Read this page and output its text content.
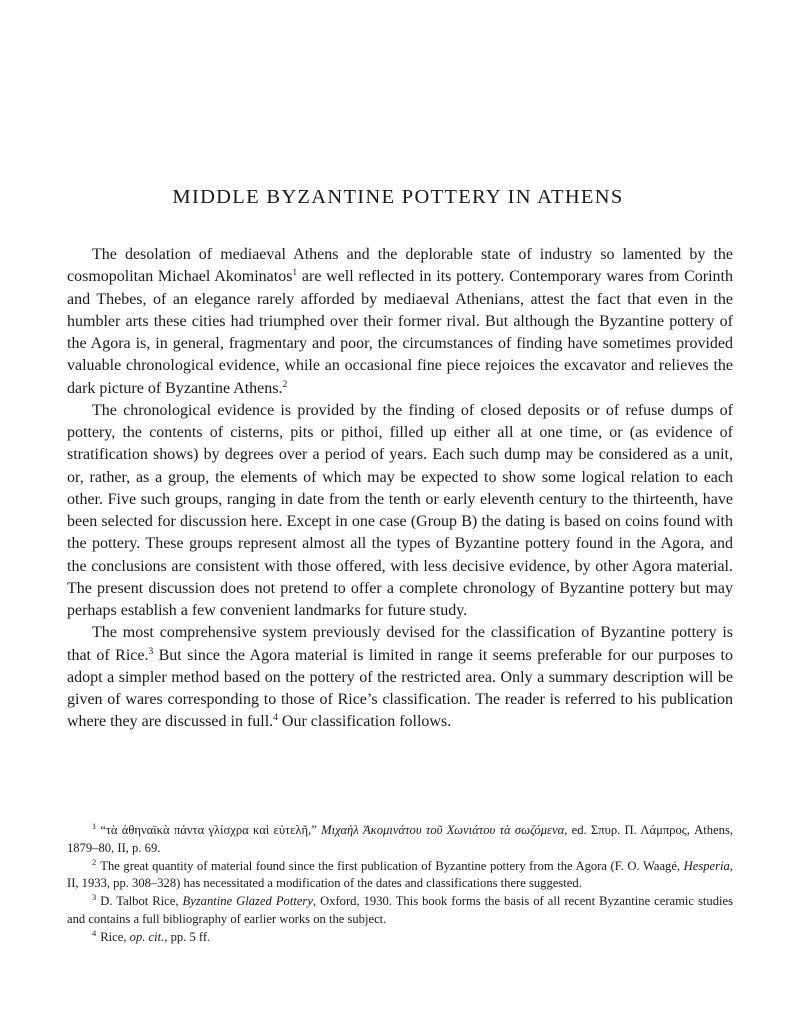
MIDDLE BYZANTINE POTTERY IN ATHENS

The desolation of mediaeval Athens and the deplorable state of industry so lamented by the cosmopolitan Michael Akominatos$^1$ are well reflected in its pottery. Contemporary wares from Corinth and Thebes, of an elegance rarely afforded by mediaeval Athenians, attest the fact that even in the humbler arts these cities had triumphed over their former rival. But although the Byzantine pottery of the Agora is, in general, fragmentary and poor, the circumstances of finding have sometimes provided valuable chronological evidence, while an occasional fine piece rejoices the excavator and relieves the dark picture of Byzantine Athens.$^2$

The chronological evidence is provided by the finding of closed deposits or of refuse dumps of pottery, the contents of cisterns, pits or pithoi, filled up either all at one time, or (as evidence of stratification shows) by degrees over a period of years. Each such dump may be considered as a unit, or, rather, as a group, the elements of which may be expected to show some logical relation to each other. Five such groups, ranging in date from the tenth or early eleventh century to the thirteenth, have been selected for discussion here. Except in one case (Group B) the dating is based on coins found with the pottery. These groups represent almost all the types of Byzantine pottery found in the Agora, and the conclusions are consistent with those offered, with less decisive evidence, by other Agora material. The present discussion does not pretend to offer a complete chronology of Byzantine pottery but may perhaps establish a few convenient landmarks for future study.

The most comprehensive system previously devised for the classification of Byzantine pottery is that of Rice.$^3$ But since the Agora material is limited in range it seems preferable for our purposes to adopt a simpler method based on the pottery of the restricted area. Only a summary description will be given of wares corresponding to those of Rice’s classification. The reader is referred to his publication where they are discussed in full.$^4$ Our classification follows.

$^1$ “τὰ ἀθηναϊκὰ πάντα γλίσχρα καὶ εὐτελῆ,” Μιχαὴλ Ἀκομινάτου τοῦ Χωνιάτου τὰ σωζόμενα, ed. Σπυρ. Π. Λάμπρος, Athens, 1879–80, II, p. 69.

$^2$ The great quantity of material found since the first publication of Byzantine pottery from the Agora (F. O. Waagé, Hesperia, II, 1933, pp. 308–328) has necessitated a modification of the dates and classifications there suggested.

$^3$ D. Talbot Rice, Byzantine Glazed Pottery, Oxford, 1930. This book forms the basis of all recent Byzantine ceramic studies and contains a full bibliography of earlier works on the subject.

$^4$ Rice, op. cit., pp. 5 ff.
